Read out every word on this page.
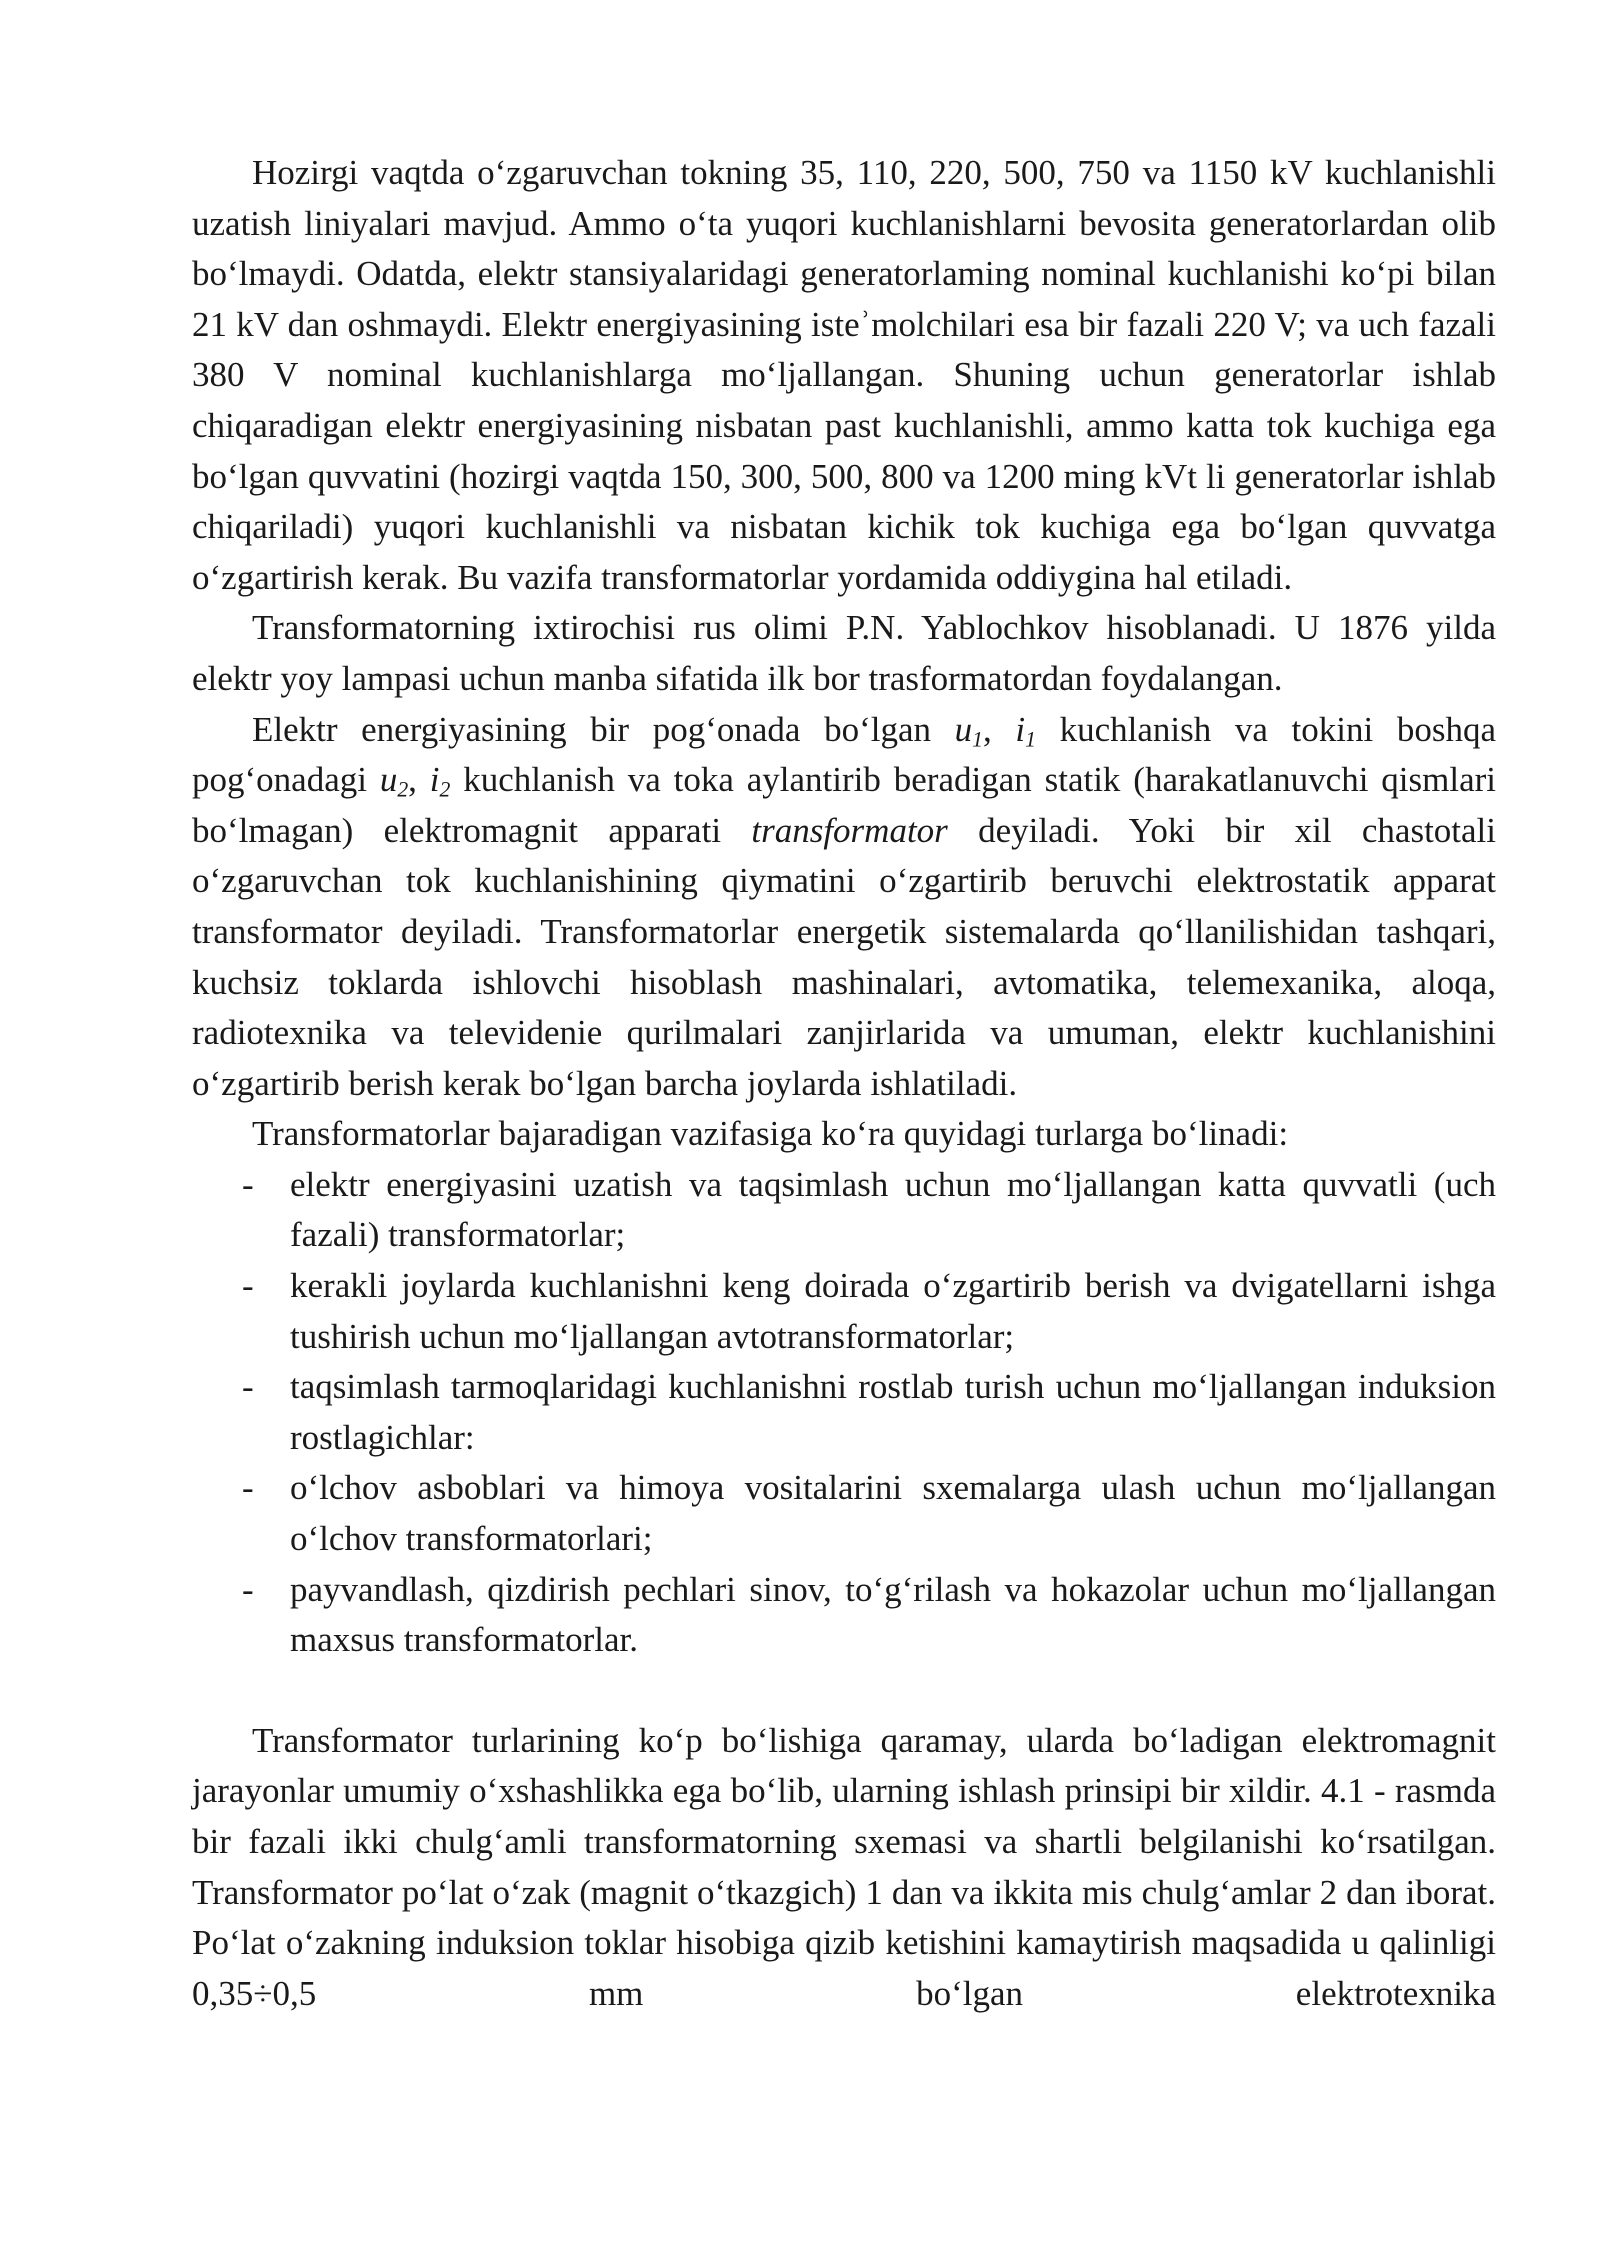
Hozirgi vaqtda o‘zgaruvchan tokning 35, 110, 220, 500, 750 va 1150 kV kuchlanishli uzatish liniyalari mavjud. Ammo o‘ta yuqori kuchlanishlarni bevosita generatorlardan olib bo‘lmaydi. Odatda, elektr stansiyalaridagi generatorlaming nominal kuchlanishi ko‘pi bilan 21 kV dan oshmaydi. Elektr energiyasining isteʾmolchilari esa bir fazali 220 V; va uch fazali 380 V nominal kuchlanishlarga mo‘ljallangan. Shuning uchun generatorlar ishlab chiqaradigan elektr energiyasining nisbatan past kuchlanishli, ammo katta tok kuchiga ega bo‘lgan quvvatini (hozirgi vaqtda 150, 300, 500, 800 va 1200 ming kVt li generatorlar ishlab chiqariladi) yuqori kuchlanishli va nisbatan kichik tok kuchiga ega bo‘lgan quvvatga o‘zgartirish kerak. Bu vazifa transformatorlar yordamida oddiygina hal etiladi.

Transformatorning ixtirochisi rus olimi P.N. Yablochkov hisoblanadi. U 1876 yilda elektr yoy lampasi uchun manba sifatida ilk bor trasformatordan foydalangan.

Elektr energiyasining bir pog‘onada bo‘lgan $u_1$, $i_1$ kuchlanish va tokini boshqa pog‘onadagi $u_2$, $i_2$ kuchlanish va toka aylantirib beradigan statik (harakatlanuvchi qismlari bo‘lmagan) elektromagnit apparati transformator deyiladi. Yoki bir xil chastotali o‘zgaruvchan tok kuchlanishining qiymatini o‘zgartirib beruvchi elektrostatik apparat transformator deyiladi. Transformatorlar energetik sistemalarda qo‘llanilishidan tashqari, kuchsiz toklarda ishlovchi hisoblash mashinalari, avtomatika, telemexanika, aloqa, radiotexnika va televidenie qurilmalari zanjirlarida va umuman, elektr kuchlanishini o‘zgartirib berish kerak bo‘lgan barcha joylarda ishlatiladi.

Transformatorlar bajaradigan vazifasiga ko‘ra quyidagi turlarga bo‘linadi:

- elektr energiyasini uzatish va taqsimlash uchun mo‘ljallangan katta quvvatli (uch fazali) transformatorlar;
- kerakli joylarda kuchlanishni keng doirada o‘zgartirib berish va dvigatellarni ishga tushirish uchun mo‘ljallangan avtotransformatorlar;
- taqsimlash tarmoqlaridagi kuchlanishni rostlab turish uchun mo‘ljallangan induksion rostlagichlar:
- o‘lchov asboblari va himoya vositalarini sxemalarga ulash uchun mo‘ljallangan o‘lchov transformatorlari;
- payvandlash, qizdirish pechlari sinov, to‘g‘rilash va hokazolar uchun mo‘ljallangan maxsus transformatorlar.

Transformator turlarining ko‘p bo‘lishiga qaramay, ularda bo‘ladigan elektromagnit jarayonlar umumiy o‘xshashlikka ega bo‘lib, ularning ishlash prinsipi bir xildir. 4.1 - rasmda bir fazali ikki chulg‘amli transformatorning sxemasi va shartli belgilanishi ko‘rsatilgan. Transformator po‘lat o‘zak (magnit o‘tkazgich) 1 dan va ikkita mis chulg‘amlar 2 dan iborat. Po‘lat o‘zakning induksion toklar hisobiga qizib ketishini kamaytirish maqsadida u qalinligi 0,35÷0,5 mm bo‘lgan elektrotexnika
